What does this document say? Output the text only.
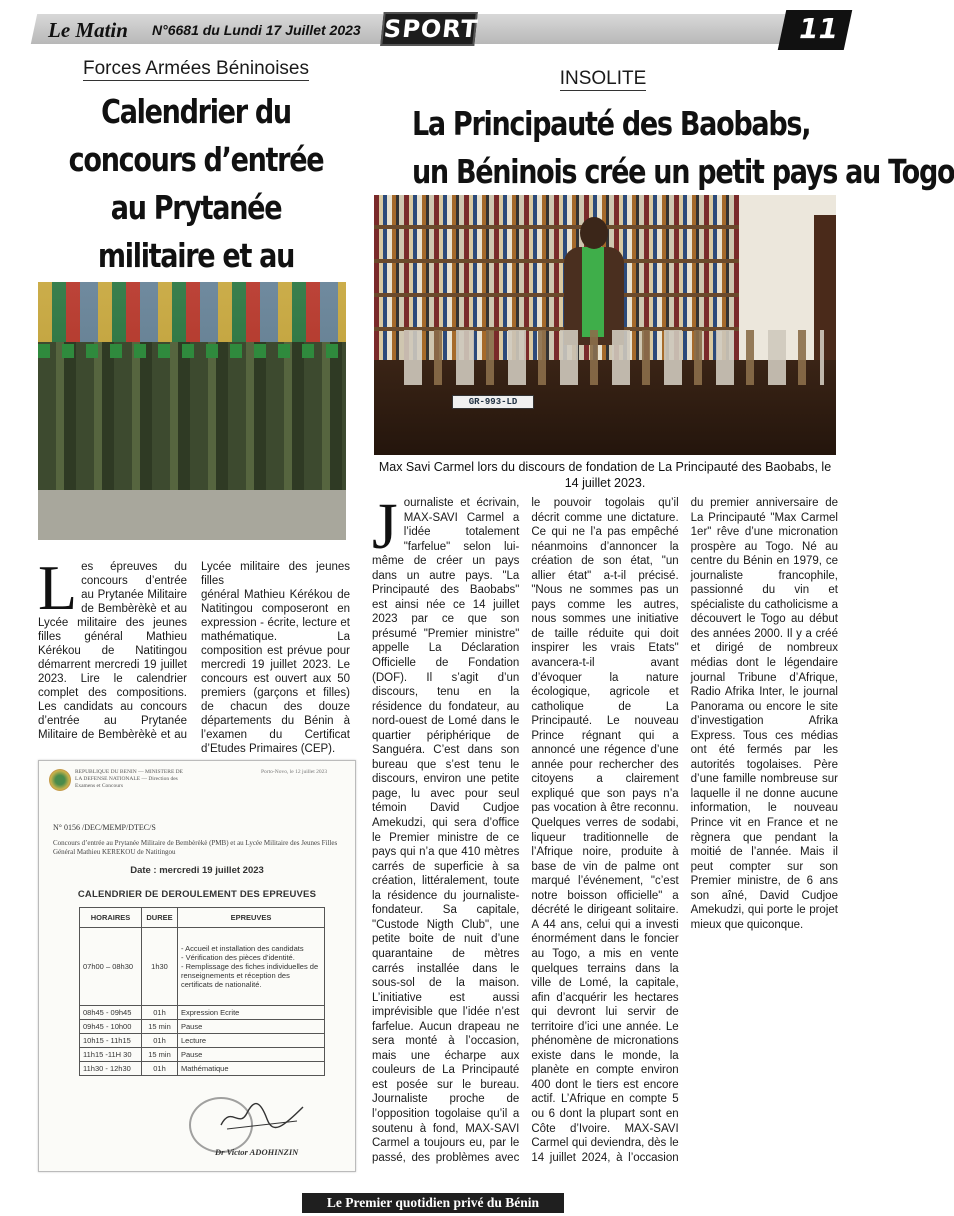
Le Matin N°6681 du Lundi 17 Juillet 2023 SPORT	11
Forces Armées Béninoises
Calendrier du concours d’entrée au Prytanée militaire et au
L es épreuves du concours d’entrée au Prytanée Militaire de Bembèrèkè et au Lycée militaire des jeunes filles général Mathieu Kérékou de Natitingou démarrent mercredi 19 juillet 2023. Lire le calendrier complet des compositions. Les candidats au concours d’entrée au Prytanée Militaire de Bembèrèkè et au Lycée militaire des jeunes filles

général Mathieu Kérékou de Natitingou composeront en expression - écrite, lecture et mathématique. La composition est prévue pour mercredi 19 juillet 2023. Le concours est ouvert aux 50 premiers (garçons et filles) de chacun des douze départements du Bénin à l’examen du Certificat d’Etudes Primaires (CEP).

REPUBLIQUE DU BENIN — MINISTERE DE LA DEFENSE NATIONALE — Direction des Examens et Concours
Porto-Novo, le 12 juillet 2023
N° 0156 /DEC/MEMP/DTEC/S
Concours d’entrée au Prytanée Militaire de Bembèrèkè (PMB) et au Lycée Militaire des Jeunes Filles Général Mathieu KEREKOU de Natitingou
Date : mercredi 19 juillet 2023
CALENDRIER DE DEROULEMENT DES EPREUVES
HORAIRES	DUREE	EPREUVES
07h00 – 08h30	1h30	- Accueil et installation des candidats
- Vérification des pièces d’identité.
- Remplissage des fiches individuelles de renseignements et réception des certificats de nationalité.
08h45 - 09h45	01h	Expression Ecrite
09h45 - 10h00	15 min	Pause
10h15 - 11h15	01h	Lecture
11h15 -11H 30	15 min	Pause
11h30 - 12h30	01h	Mathématique
Dr Victor ADOHINZIN
INSOLITE
La Principauté des Baobabs,
un Béninois crée un petit pays au Togo
GR-993-LD
Max Savi Carmel lors du discours de fondation de La Principauté des Baobabs, le 14 juillet 2023.
J ournaliste et écrivain, MAX-SAVI Carmel a l’idée totalement "farfelue" selon lui-même de créer un pays dans un autre pays. "La Principauté des Baobabs" est ainsi née ce 14 juillet 2023 par ce que son présumé "Premier ministre" appelle La Déclaration Officielle de Fondation (DOF). Il s’agit d’un discours, tenu en la résidence du fondateur, au nord-ouest de Lomé dans le quartier périphérique de Sanguéra. C’est dans son bureau que s’est tenu le discours, environ une petite page, lu avec pour seul témoin David Cudjoe Amekudzi, qui sera d’office le Premier ministre de ce pays qui n’a que 410 mètres carrés de superficie à sa création, littéralement, toute la résidence du journaliste-fondateur. Sa capitale, "Custode Nigth Club", une petite boite de nuit d’une quarantaine de mètres carrés installée dans le sous-sol de la maison. L’initiative est aussi imprévisible que l’idée n’est farfelue. Aucun drapeau ne sera monté à l’occasion, mais une écharpe aux couleurs de La Principauté est posée sur le bureau. Journaliste proche de l’opposition togolaise qu’il a soutenu à fond, MAX-SAVI Carmel a toujours eu, par le passé, des problèmes avec le pouvoir togolais qu’il décrit comme une dictature. Ce qui ne l’a pas empêché néanmoins d’annoncer la création de son état, "un allier état" a-t-il précisé. "Nous ne sommes pas un pays comme les autres, nous sommes une initiative de taille réduite qui doit inspirer les vrais Etats" avancera-t-il avant d’évoquer la nature écologique, agricole et catholique de La Principauté. Le nouveau Prince régnant qui a annoncé une régence d’une année pour rechercher des citoyens a clairement expliqué que son pays n’a pas vocation à être reconnu. Quelques verres de sodabi, liqueur traditionnelle de l’Afrique noire, produite à base de vin de palme ont marqué l’événement, "c’est notre boisson officielle" a décrété le dirigeant solitaire. A 44 ans, celui qui a investi énormément dans le foncier au Togo, a mis en vente quelques terrains dans la ville de Lomé, la capitale, afin d’acquérir les hectares qui devront lui servir de territoire d’ici une année. Le phénomène de micronations existe dans le monde, la planète en compte environ 400 dont le tiers est encore actif. L’Afrique en compte 5 ou 6 dont la plupart sont en Côte d’Ivoire. MAX-SAVI Carmel qui deviendra, dès le 14 juillet 2024, à l’occasion du premier anniversaire de La Principauté "Max Carmel 1er" rêve d’une micronation prospère au Togo. Né au centre du Bénin en 1979, ce journaliste francophile, passionné du vin et spécialiste du catholicisme a découvert le Togo au début des années 2000. Il y a créé et dirigé de nombreux médias dont le légendaire journal Tribune d’Afrique, Radio Afrika Inter, le journal Panorama ou encore le site d’investigation Afrika Express. Tous ces médias ont été fermés par les autorités togolaises. Père d’une famille nombreuse sur laquelle il ne donne aucune information, le nouveau Prince vit en France et ne règnera que pendant la moitié de l’année. Mais il peut compter sur son Premier ministre, de 6 ans son aîné, David Cudjoe Amekudzi, qui porte le projet mieux que quiconque.

Le Premier quotidien privé du Bénin
